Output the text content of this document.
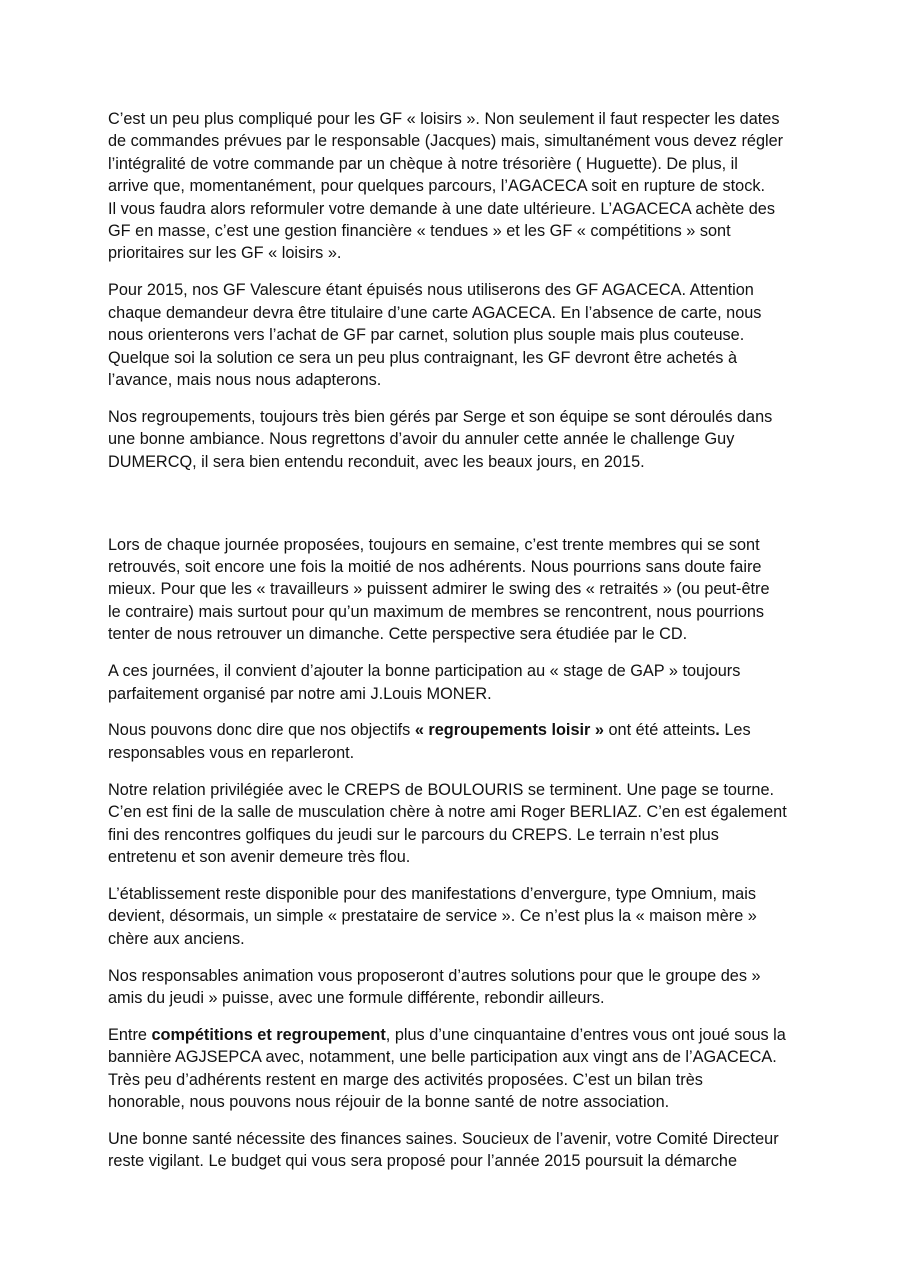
C’est un peu plus compliqué pour les GF « loisirs ». Non seulement il faut respecter les dates
de commandes prévues par le responsable (Jacques) mais, simultanément vous devez régler
l’intégralité de votre commande par un chèque à notre trésorière ( Huguette). De plus, il
arrive que, momentanément, pour quelques parcours, l’AGACECA soit en rupture de stock.
Il vous faudra alors reformuler votre demande à une date ultérieure. L’AGACECA achète des
GF en masse, c’est une gestion financière « tendues » et les GF « compétitions » sont
prioritaires sur les GF « loisirs ».

Pour 2015, nos GF Valescure étant épuisés nous utiliserons des GF AGACECA. Attention
chaque demandeur devra être titulaire d’une carte AGACECA. En l’absence de carte, nous
nous orienterons vers l’achat de GF par carnet, solution plus souple mais plus couteuse.
Quelque soi la solution ce sera un peu plus contraignant, les GF devront être achetés à
l’avance, mais nous nous adapterons.

Nos regroupements, toujours très bien gérés par Serge et son équipe se sont déroulés dans
une bonne ambiance. Nous regrettons d’avoir du annuler cette année le challenge Guy
DUMERCQ, il sera bien entendu reconduit, avec les beaux jours, en 2015.

Lors de chaque journée proposées, toujours en semaine, c’est trente membres qui se sont
retrouvés, soit encore une fois la moitié de nos adhérents. Nous pourrions sans doute faire
mieux. Pour que les « travailleurs » puissent admirer le swing des « retraités » (ou peut-être
le contraire) mais surtout pour qu’un maximum de membres se rencontrent, nous pourrions
tenter de nous retrouver un dimanche. Cette perspective sera étudiée par le CD.

A ces journées, il convient d’ajouter la bonne participation au « stage de GAP » toujours
parfaitement organisé par notre ami J.Louis MONER.

Nous pouvons donc dire que nos objectifs « regroupements loisir » ont été atteints. Les
responsables vous en reparleront.

Notre relation privilégiée avec le CREPS de BOULOURIS se terminent. Une page se tourne.
C’en est fini de la salle de musculation chère à notre ami Roger BERLIAZ. C’en est également
fini des rencontres golfiques du jeudi sur le parcours du CREPS. Le terrain n’est plus
entretenu et son avenir demeure très flou.

L’établissement reste disponible pour des manifestations d’envergure, type Omnium, mais
devient, désormais, un simple « prestataire de service ». Ce n’est plus la « maison mère »
chère aux anciens.

Nos responsables animation vous proposeront d’autres solutions pour que le groupe des »
amis du jeudi » puisse, avec une formule différente, rebondir ailleurs.

Entre compétitions et regroupement, plus d’une cinquantaine d’entres vous ont joué sous la
bannière AGJSEPCA avec, notamment, une belle participation aux vingt ans de l’AGACECA.
Très peu d’adhérents restent en marge des activités proposées. C’est un bilan très
honorable, nous pouvons nous réjouir de la bonne santé de notre association.

Une bonne santé nécessite des finances saines. Soucieux de l’avenir, votre Comité Directeur
reste vigilant. Le budget qui vous sera proposé pour l’année 2015 poursuit la démarche
